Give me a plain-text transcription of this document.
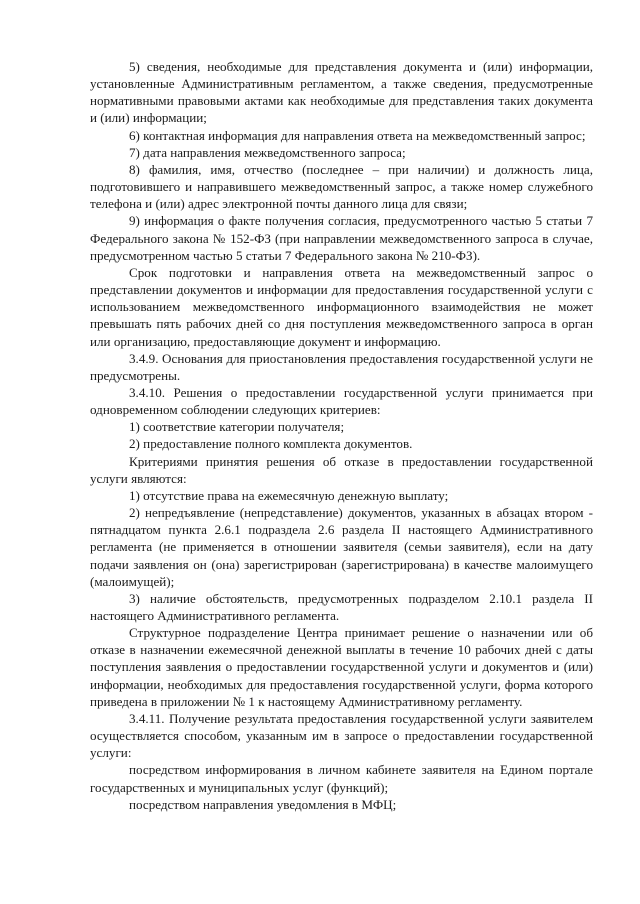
5) сведения, необходимые для представления документа и (или) информации, установленные Административным регламентом, а также сведения, предусмотренные нормативными правовыми актами как необходимые для представления таких документа и (или) информации;

6) контактная информация для направления ответа на межведомственный запрос;

7) дата направления межведомственного запроса;

8) фамилия, имя, отчество (последнее – при наличии) и должность лица, подготовившего и направившего межведомственный запрос, а также номер служебного телефона и (или) адрес электронной почты данного лица для связи;

9) информация о факте получения согласия, предусмотренного частью 5 статьи 7 Федерального закона № 152-ФЗ (при направлении межведомственного запроса в случае, предусмотренном частью 5 статьи 7 Федерального закона № 210-ФЗ).

Срок подготовки и направления ответа на межведомственный запрос о представлении документов и информации для предоставления государственной услуги с использованием межведомственного информационного взаимодействия не может превышать пять рабочих дней со дня поступления межведомственного запроса в орган или организацию, предоставляющие документ и информацию.

3.4.9. Основания для приостановления предоставления государственной услуги не предусмотрены.

3.4.10. Решения о предоставлении государственной услуги принимается при одновременном соблюдении следующих критериев:

1) соответствие категории получателя;

2) предоставление полного комплекта документов.

Критериями принятия решения об отказе в предоставлении государственной услуги являются:

1) отсутствие права на ежемесячную денежную выплату;

2) непредъявление (непредставление) документов, указанных в абзацах втором - пятнадцатом пункта 2.6.1 подраздела 2.6 раздела II настоящего Административного регламента (не применяется в отношении заявителя (семьи заявителя), если на дату подачи заявления он (она) зарегистрирован (зарегистрирована) в качестве малоимущего (малоимущей);

3) наличие обстоятельств, предусмотренных подразделом 2.10.1 раздела II настоящего Административного регламента.

Структурное подразделение Центра принимает решение о назначении или об отказе в назначении ежемесячной денежной выплаты в течение 10 рабочих дней с даты поступления заявления о предоставлении государственной услуги и документов и (или) информации, необходимых для предоставления государственной услуги, форма которого приведена в приложении № 1 к настоящему Административному регламенту.

3.4.11. Получение результата предоставления государственной услуги заявителем осуществляется способом, указанным им в запросе о предоставлении государственной услуги:

посредством информирования в личном кабинете заявителя на Едином портале государственных и муниципальных услуг (функций);

посредством направления уведомления в МФЦ;
